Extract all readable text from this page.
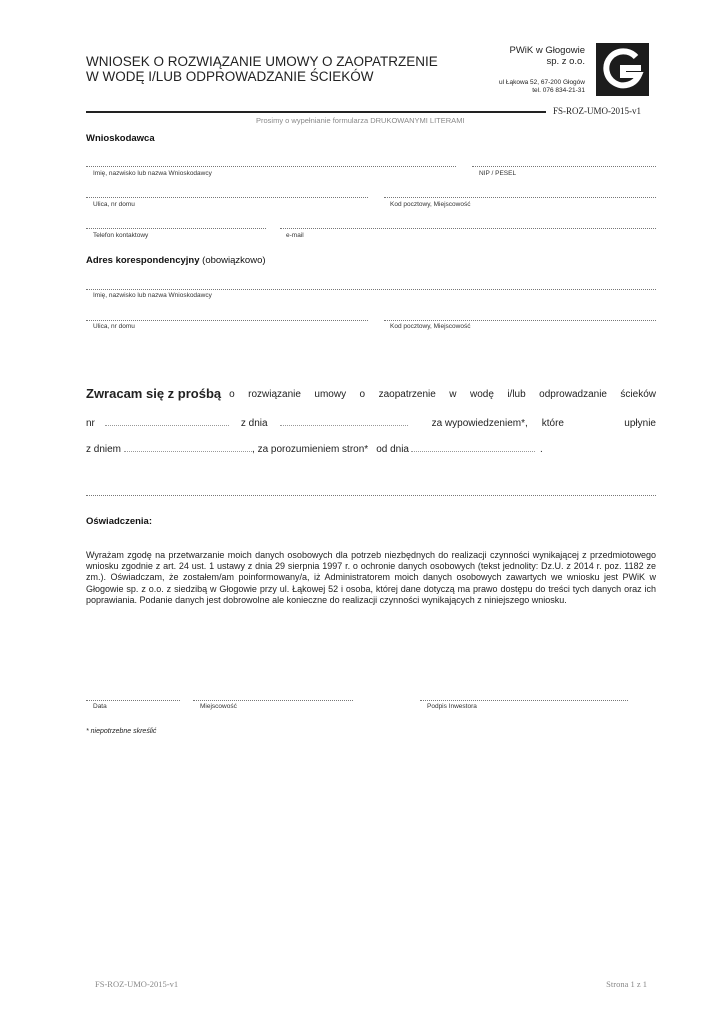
WNIOSEK O ROZWIĄZANIE UMOWY O ZAOPATRZENIE
W WODĘ I/LUB ODPROWADZANIE ŚCIEKÓW
PWiK w Głogowie
sp. z o.o.
ul Łąkowa 52, 67-200 Głogów
tel. 076 834-21-31
FS-ROZ-UMO-2015-v1
Prosimy o wypełnianie formularza DRUKOWANYMI LITERAMI
Wnioskodawca
Imię, nazwisko lub nazwa Wnioskodawcy	NIP / PESEL
Ulica, nr domu	Kod pocztowy, Miejscowość
Telefon kontaktowy	e-mail
Adres korespondencyjny (obowiązkowo)
Imię, nazwisko lub nazwa Wnioskodawcy
Ulica, nr domu	Kod pocztowy, Miejscowość
Zwracam się z prośbą o rozwiązanie umowy o zaopatrzenie w wodę i/lub odprowadzanie ścieków
nr	z dnia	za wypowiedzeniem*, które	upłynie
z dniem	, za porozumieniem stron* od dnia	.
Oświadczenia:
Wyrażam zgodę na przetwarzanie moich danych osobowych dla potrzeb niezbędnych do realizacji czynności wynikającej z przedmiotowego wniosku zgodnie z art. 24 ust. 1 ustawy z dnia 29 sierpnia 1997 r. o ochronie danych osobowych (tekst jednolity: Dz.U. z 2014 r. poz. 1182 ze zm.). Oświadczam, że zostałem/am poinformowany/a, iż Administratorem moich danych osobowych zawartych we wniosku jest PWiK w Głogowie sp. z o.o. z siedzibą w Głogowie przy ul. Łąkowej 52 i osoba, której dane dotyczą ma prawo dostępu do treści tych danych oraz ich poprawiania. Podanie danych jest dobrowolne ale konieczne do realizacji czynności wynikających z niniejszego wniosku.
Data	Miejscowość	Podpis Inwestora
* niepotrzebne skreślić
FS-ROZ-UMO-2015-v1	Strona 1 z 1
